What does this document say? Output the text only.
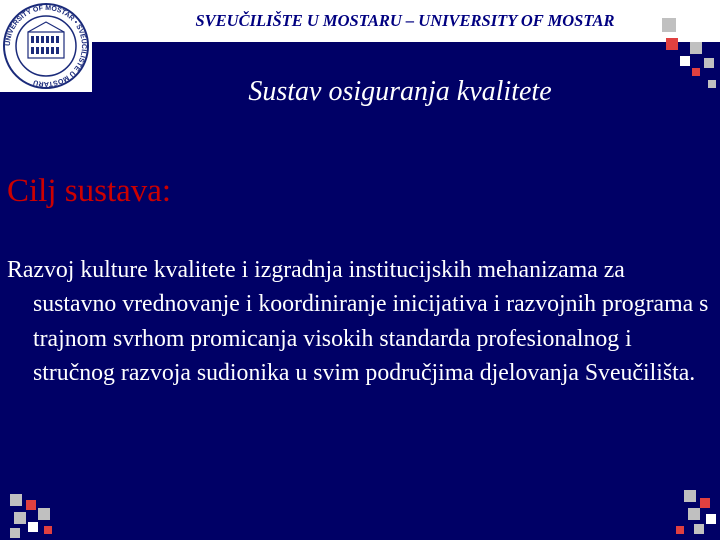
UNIVERSITY OF MOSTAR • SVEUČILIŠTE U MOSTARU
SVEUČILIŠTE U MOSTARU – UNIVERSITY OF MOSTAR
Sustav osiguranja kvalitete
Cilj sustava:
Razvoj kulture kvalitete i izgradnja institucijskih mehanizama za sustavno vrednovanje i koordiniranje inicijativa i razvojnih programa s trajnom svrhom promicanja visokih standarda profesionalnog i stručnog razvoja sudionika u svim područjima djelovanja Sveučilišta.
